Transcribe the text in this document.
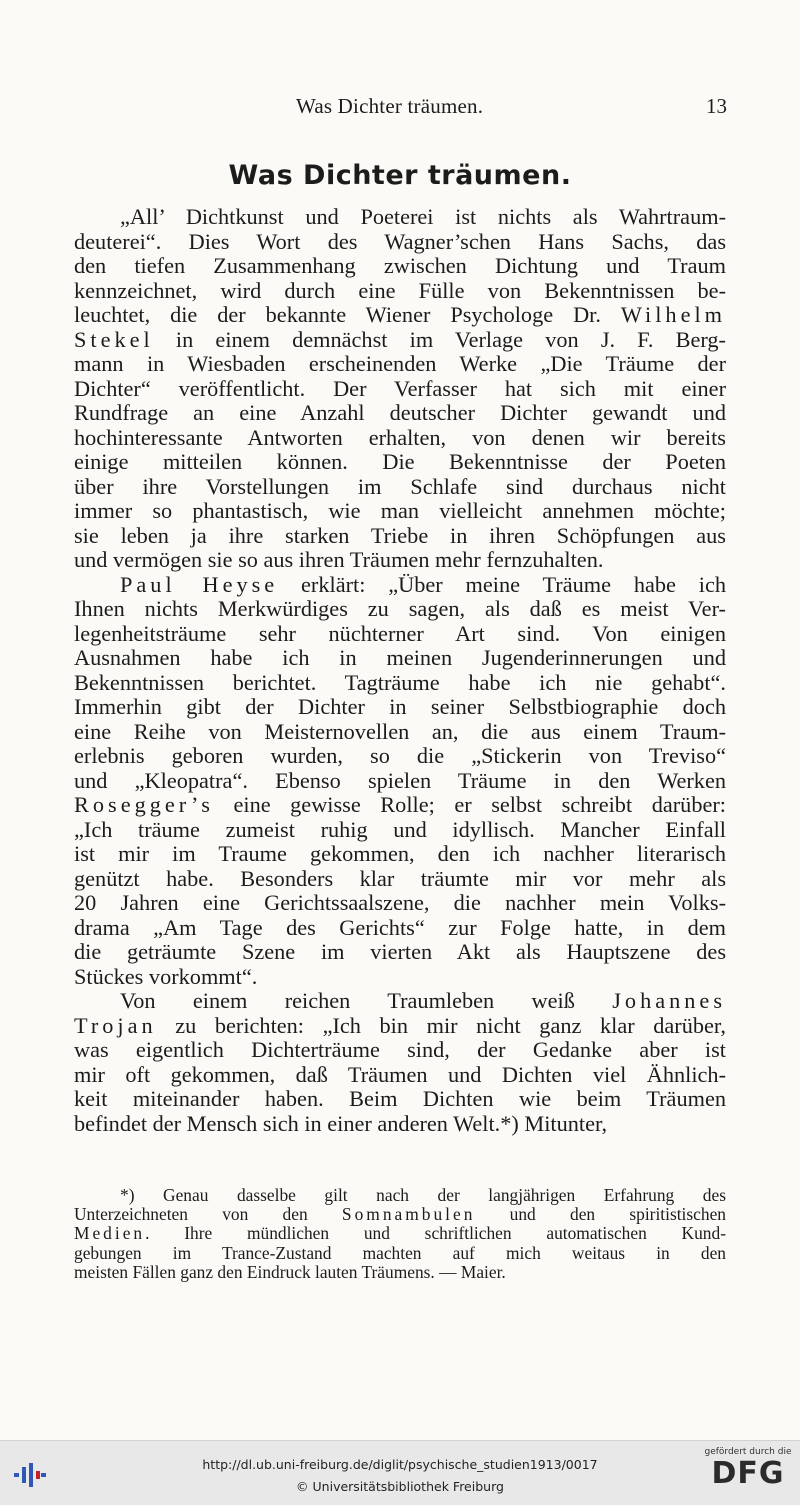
Was Dichter träumen.	13
Was Dichter träumen.
„All’ Dichtkunst und Poeterei ist nichts als Wahrtraum-
deuterei“. Dies Wort des Wagner’schen Hans Sachs, das
den tiefen Zusammenhang zwischen Dichtung und Traum
kennzeichnet, wird durch eine Fülle von Bekenntnissen be-
leuchtet, die der bekannte Wiener Psychologe Dr. Wilhelm
Stekel in einem demnächst im Verlage von J. F. Berg-
mann in Wiesbaden erscheinenden Werke „Die Träume der
Dichter“ veröffentlicht. Der Verfasser hat sich mit einer
Rundfrage an eine Anzahl deutscher Dichter gewandt und
hochinteressante Antworten erhalten, von denen wir bereits
einige mitteilen können. Die Bekenntnisse der Poeten
über ihre Vorstellungen im Schlafe sind durchaus nicht
immer so phantastisch, wie man vielleicht annehmen möchte;
sie leben ja ihre starken Triebe in ihren Schöpfungen aus
und vermögen sie so aus ihren Träumen mehr fernzuhalten.
Paul Heyse erklärt: „Über meine Träume habe ich
Ihnen nichts Merkwürdiges zu sagen, als daß es meist Ver-
legenheitsträume sehr nüchterner Art sind. Von einigen
Ausnahmen habe ich in meinen Jugenderinnerungen und
Bekenntnissen berichtet. Tagträume habe ich nie gehabt“.
Immerhin gibt der Dichter in seiner Selbstbiographie doch
eine Reihe von Meisternovellen an, die aus einem Traum-
erlebnis geboren wurden, so die „Stickerin von Treviso“
und „Kleopatra“. Ebenso spielen Träume in den Werken
Rosegger’s eine gewisse Rolle; er selbst schreibt darüber:
„Ich träume zumeist ruhig und idyllisch. Mancher Einfall
ist mir im Traume gekommen, den ich nachher literarisch
genützt habe. Besonders klar träumte mir vor mehr als
20 Jahren eine Gerichtssaalszene, die nachher mein Volks-
drama „Am Tage des Gerichts“ zur Folge hatte, in dem
die geträumte Szene im vierten Akt als Hauptszene des
Stückes vorkommt“.
Von einem reichen Traumleben weiß Johannes
Trojan zu berichten: „Ich bin mir nicht ganz klar darüber,
was eigentlich Dichterträume sind, der Gedanke aber ist
mir oft gekommen, daß Träumen und Dichten viel Ähnlich-
keit miteinander haben. Beim Dichten wie beim Träumen
befindet der Mensch sich in einer anderen Welt.*) Mitunter,
*) Genau dasselbe gilt nach der langjährigen Erfahrung des
Unterzeichneten von den Somnambulen und den spiritistischen
Medien. Ihre mündlichen und schriftlichen automatischen Kund-
gebungen im Trance-Zustand machten auf mich weitaus in den
meisten Fällen ganz den Eindruck lauten Träumens. — Maier.
http://dl.ub.uni-freiburg.de/diglit/psychische_studien1913/0017
© Universitätsbibliothek Freiburg
gefördert durch die
DFG
